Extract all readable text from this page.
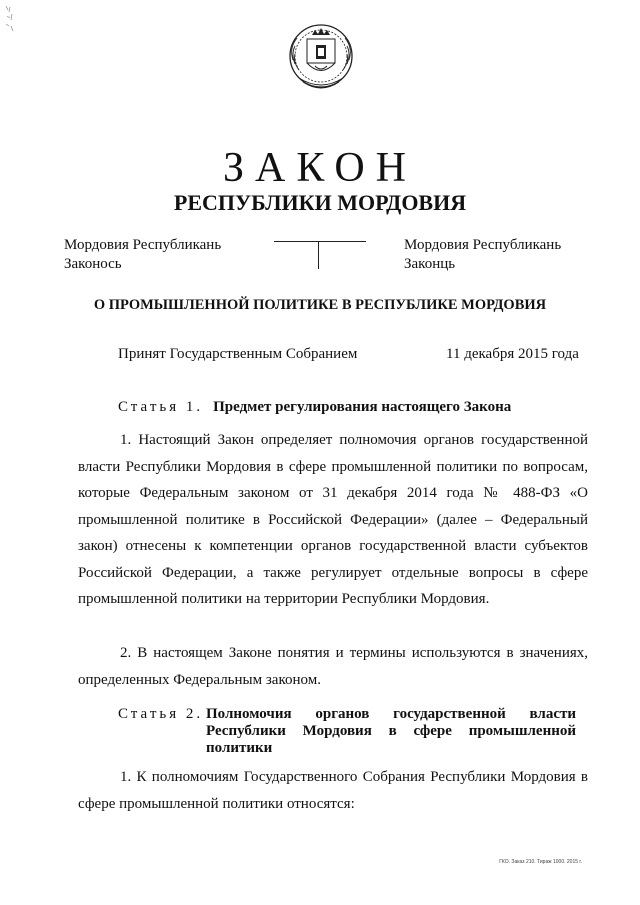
ЗАКОН
РЕСПУБЛИКИ МОРДОВИЯ
Мордовия Республикань
Законось
Мордовия Республикань
Законць
О ПРОМЫШЛЕННОЙ ПОЛИТИКЕ В РЕСПУБЛИКЕ МОРДОВИЯ
Принят Государственным Собранием	11 декабря 2015 года
Статья 1. Предмет регулирования настоящего Закона
1. Настоящий Закон определяет полномочия органов государственной власти Республики Мордовия в сфере промышленной политики по вопросам, которые Федеральным законом от 31 декабря 2014 года № 488-ФЗ «О промышленной политике в Российской Федерации» (далее – Федеральный закон) отнесены к компетенции органов государственной власти субъектов Российской Федерации, а также регулирует отдельные вопросы в сфере промышленной политики на территории Республики Мордовия.
2. В настоящем Законе понятия и термины используются в значениях, определенных Федеральным законом.
Статья 2. Полномочия органов государственной власти Республики Мордовия в сфере промышленной политики
1. К полномочиям Государственного Собрания Республики Мордовия в сфере промышленной политики относятся:
ГКО. Заказ 210. Тираж 1000. 2015 г.
